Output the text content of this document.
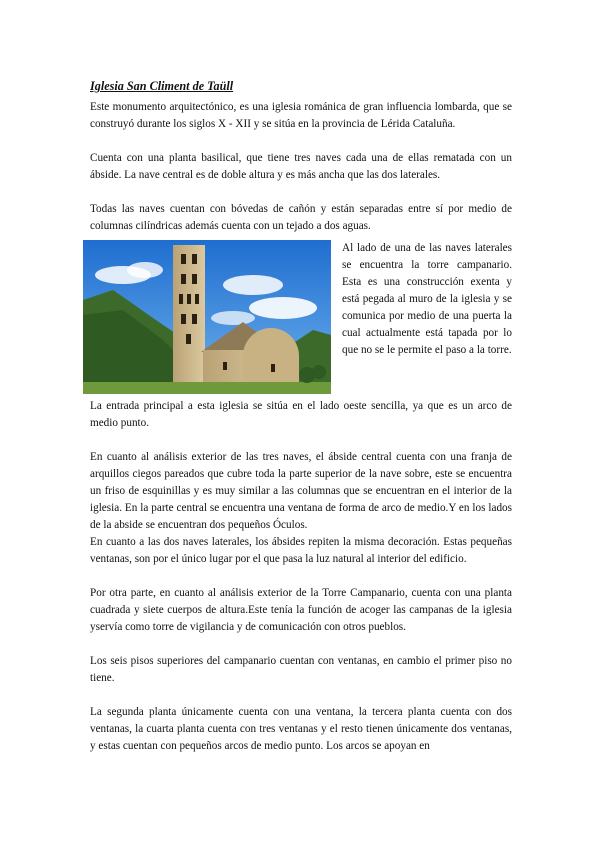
Iglesia San Climent de Taüll

Este monumento arquitectónico, es una iglesia románica de gran influencia lombarda, que se construyó durante los siglos X - XII y se sitúa en la provincia de Lérida Cataluña.

Cuenta con una planta basilical, que tiene tres naves cada una de ellas rematada con un ábside. La nave central es de doble altura y es más ancha que las dos laterales.

Todas las naves cuentan con bóvedas de cañón y están separadas entre sí por medio de columnas cilíndricas además cuenta con un tejado a dos aguas.

Al lado de una de las naves laterales se encuentra la torre campanario. Esta es una construcción exenta y está pegada al muro de la iglesia y se comunica por medio de una puerta la cual actualmente está tapada por lo que no se le permite el paso a la torre.

La entrada principal a esta iglesia se sitúa en el lado oeste sencilla, ya que es un arco de medio punto.

En cuanto al análisis exterior de las tres naves, el ábside central cuenta con una franja de arquillos ciegos pareados que cubre toda la parte superior de la nave sobre, este se encuentra un friso de esquinillas y es muy similar a las columnas que se encuentran en el interior de la iglesia. En la parte central se encuentra una ventana de forma de arco de medio.Y en los lados de la abside se encuentran dos pequeños Óculos.

En cuanto a las dos naves laterales, los ábsides repiten la misma decoración. Estas pequeñas ventanas, son por el único lugar por el que pasa la luz natural al interior del edificio.

Por otra parte, en cuanto al análisis exterior de la Torre Campanario, cuenta con una planta cuadrada y siete cuerpos de altura.Este tenía la función de acoger las campanas de la iglesia yservía como torre de vigilancia y de comunicación con otros pueblos.

Los seis pisos superiores del campanario cuentan con ventanas, en cambio el primer piso no tiene.

La segunda planta únicamente cuenta con una ventana, la tercera planta cuenta con dos ventanas, la cuarta planta cuenta con tres ventanas y el resto tienen únicamente dos ventanas, y estas cuentan con pequeños arcos de medio punto. Los arcos se apoyan en
